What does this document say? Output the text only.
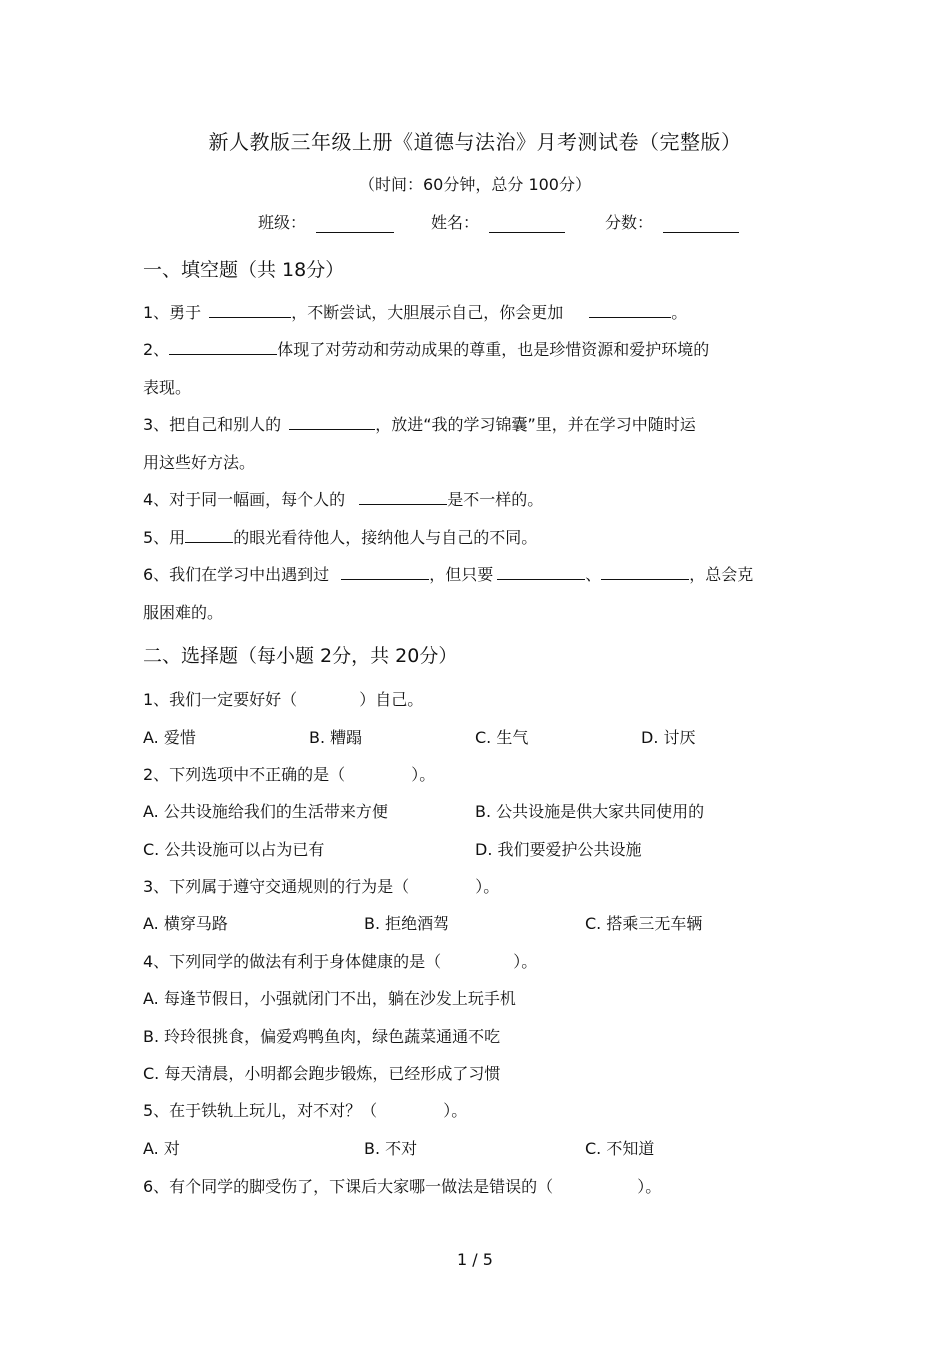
新人教版三年级上册《道德与法治》月考测试卷（完整版）
（时间：60分钟，总分 100分）
班级：	姓名：	分数：
一、填空题（共 18分）
1、勇于	，不断尝试，大胆展示自己，你会更加	。
2、	体现了对劳动和劳动成果的尊重，也是珍惜资源和爱护环境的
表现。
3、把自己和别人的	，放进“我的学习锦囊”里，并在学习中随时运
用这些好方法。
4、对于同一幅画，每个人的	是不一样的。
5、用	的眼光看待他人，接纳他人与自己的不同。
6、我们在学习中出遇到过	，但只要	、	，总会克
服困难的。
二、选择题（每小题 2分，共 20分）
1、我们一定要好好（	）自己。
A. 爱惜	B. 糟蹋	C. 生气	D. 讨厌
2、下列选项中不正确的是（	）。
A. 公共设施给我们的生活带来方便	B. 公共设施是供大家共同使用的
C. 公共设施可以占为已有	D. 我们要爱护公共设施
3、下列属于遵守交通规则的行为是（	）。
A. 横穿马路	B. 拒绝酒驾	C. 搭乘三无车辆
4、下列同学的做法有利于身体健康的是（	）。
A. 每逢节假日，小强就闭门不出，躺在沙发上玩手机
B. 玲玲很挑食，偏爱鸡鸭鱼肉，绿色蔬菜通通不吃
C. 每天清晨，小明都会跑步锻炼，已经形成了习惯
5、在于铁轨上玩儿，对不对？（	）。
A. 对	B. 不对	C. 不知道
6、有个同学的脚受伤了，下课后大家哪一做法是错误的（	）。
1 / 5
